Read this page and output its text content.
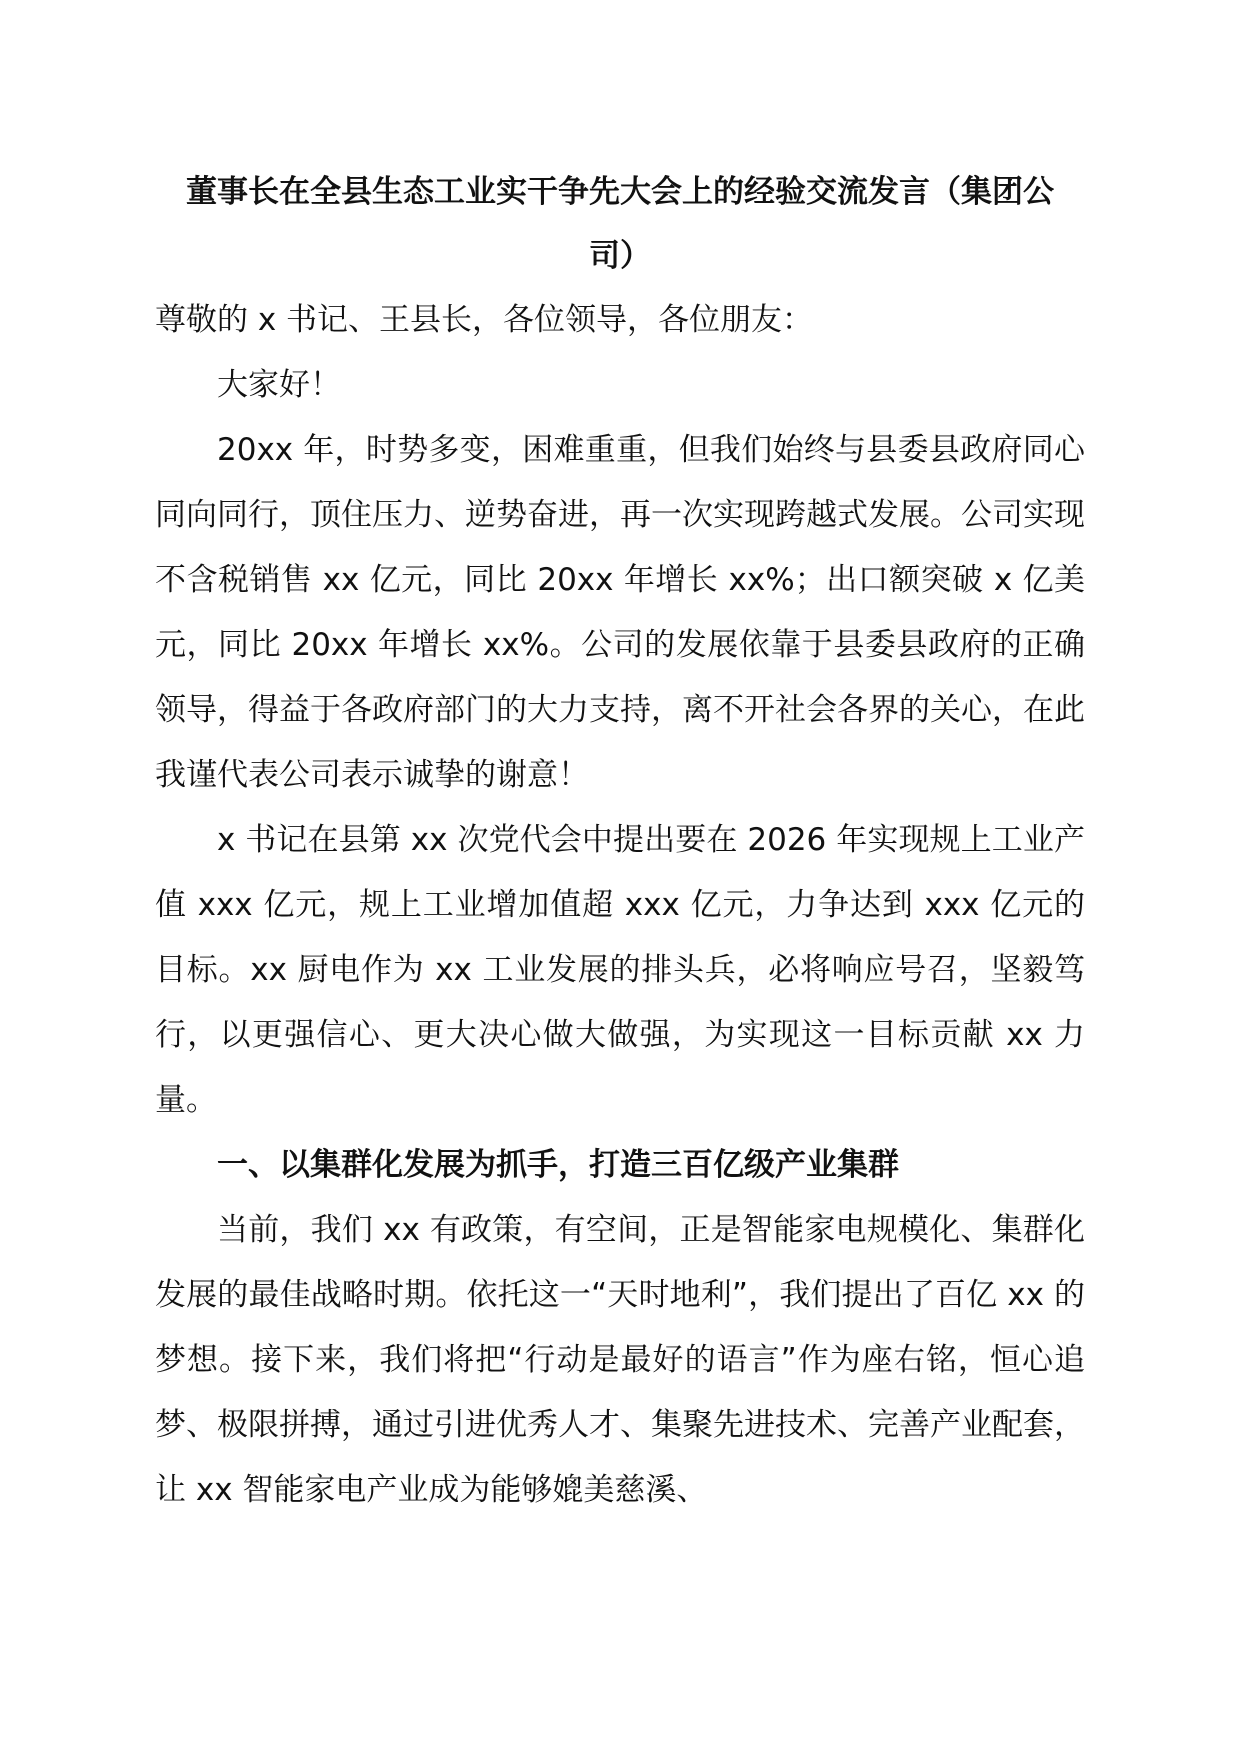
董事长在全县生态工业实干争先大会上的经验交流发言（集团公司）

尊敬的 x 书记、王县长，各位领导，各位朋友：

大家好！

20xx 年，时势多变，困难重重，但我们始终与县委县政府同心同向同行，顶住压力、逆势奋进，再一次实现跨越式发展。公司实现不含税销售 xx 亿元，同比 20xx 年增长 xx%；出口额突破 x 亿美元，同比 20xx 年增长 xx%。公司的发展依靠于县委县政府的正确领导，得益于各政府部门的大力支持，离不开社会各界的关心，在此我谨代表公司表示诚挚的谢意！

x 书记在县第 xx 次党代会中提出要在 2026 年实现规上工业产值 xxx 亿元，规上工业增加值超 xxx 亿元，力争达到 xxx 亿元的目标。xx 厨电作为 xx 工业发展的排头兵，必将响应号召，坚毅笃行，以更强信心、更大决心做大做强，为实现这一目标贡献 xx 力量。

一、以集群化发展为抓手，打造三百亿级产业集群

当前，我们 xx 有政策，有空间，正是智能家电规模化、集群化发展的最佳战略时期。依托这一“天时地利”，我们提出了百亿 xx 的梦想。接下来，我们将把“行动是最好的语言”作为座右铭，恒心追梦、极限拼搏，通过引进优秀人才、集聚先进技术、完善产业配套，让 xx 智能家电产业成为能够媲美慈溪、
